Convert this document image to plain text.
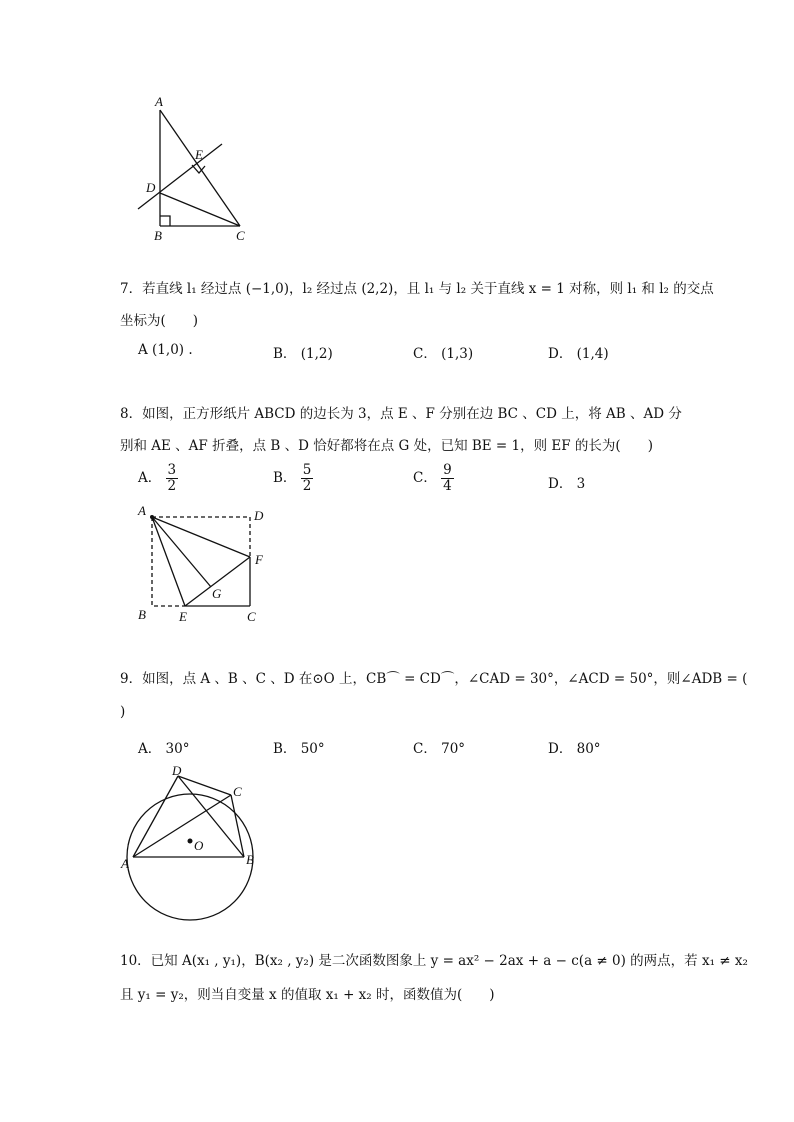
A
E
D
B	C
7．若直线 l₁ 经过点 (−1,0)，l₂ 经过点 (2,2)，且 l₁ 与 l₂ 关于直线 x = 1 对称，则 l₁ 和 l₂ 的交点
坐标为(　　)
A (1,0) .	B． (1,2)	C． (1,3)	D． (1,4)
8．如图，正方形纸片 ABCD 的边长为 3，点 E 、F 分别在边 BC 、CD 上，将 AB 、AD 分
别和 AE 、AF 折叠，点 B 、D 恰好都将在点 G 处，已知 BE = 1，则 EF 的长为(　　)
A． $\frac{3}{2}$	B． $\frac{5}{2}$	C． $\frac{9}{4}$	D． 3
A	D
F
G
B	E	C
9．如图，点 A 、B 、C 、D 在⊙O 上，CB⌒ = CD⌒，∠CAD = 30°，∠ACD = 50°，则∠ADB = (
)
A． 30°	B． 50°	C． 70°	D． 80°
D
C
O
A	B
10．已知 A(x₁ , y₁)，B(x₂ , y₂) 是二次函数图象上 y = ax² − 2ax + a − c(a ≠ 0) 的两点，若 x₁ ≠ x₂
且 y₁ = y₂，则当自变量 x 的值取 x₁ + x₂ 时，函数值为(　　)
